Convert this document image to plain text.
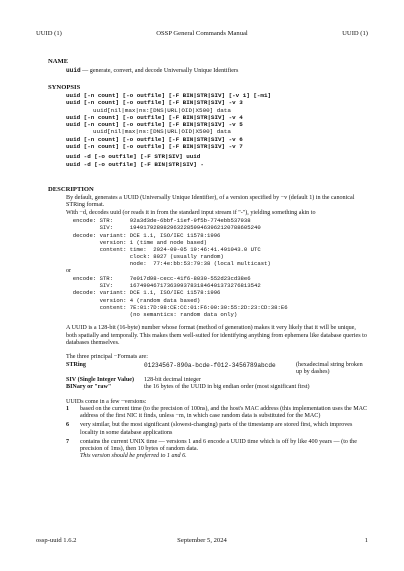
UUID (1)	OSSP General Commands Manual	UUID (1)
NAME
uuid — generate, convert, and decode Universally Unique Identifiers
SYNOPSIS
uuid [-n count] [-o outfile] [-F BIN|STR|SIV] [-v 1] [-m1]
uuid [-n count] [-o outfile] [-F BIN|STR|SIV] -v 3
uuid[nil|max|ns:[DNS|URL|OID|X500] data
uuid [-n count] [-o outfile] [-F BIN|STR|SIV] -v 4
uuid [-n count] [-o outfile] [-F BIN|STR|SIV] -v 5
uuid[nil|max|ns:[DNS|URL|OID|X500] data
uuid [-n count] [-o outfile] [-F BIN|STR|SIV] -v 6
uuid [-n count] [-o outfile] [-F BIN|STR|SIV] -v 7
uuid -d [-o outfile] [-F STR|SIV] uuid
uuid -d [-o outfile] [-F BIN|STR|SIV] -
DESCRIPTION

By default, generates a UUID (Universally Unique Identifier), of a version specified by −v (default 1) in the canonical STRing format.

With −d, decodes uuid (or reads it in from the standard input stream if "-"), yielding something akin to

encode: STR:     92a3d3de-6bbf-11ef-9f5b-774ebb537938
SIV:     194917928982963228599463962120788605240
decode: variant: DCE 1.1, ISO/IEC 11578:1996
version: 1 (time and node based)
content: time:  2024-09-05 19:46:41.491043.0 UTC
clock: 8027 (usually random)
node:  77:4e:bb:53:79:38 (local multicast)

or

encode: STR:     7e017d98-cecc-41f6-8030-552d23cd38e6
SIV:     167490467173639937831846401373276813542
decode: variant: DCE 1.1, ISO/IEC 11578:1996
version: 4 (random data based)
content: 7E:01:7D:98:CE:CC:01:F6:00:30:55:2D:23:CD:38:E6
(no semantics: random data only)

A UUID is a 128-bit (16-byte) number whose format (method of generation) makes it very likely that it will be unique, both spatially and temporally. This makes them well-suited for identifying anything from ephemera like database queries to databases themselves.

The three principal −Formats are:

STRing	01234567-890a-bcde-f012-3456789abcde	(hexadecimal string broken up by dashes)
SIV (Single Integer Value)	128-bit decimal integer
BINary or "raw"	the 16 bytes of the UUID in big endian order (most significant first)

UUIDs come in a few −versions:

1 based on the current time (to the precision of 100ns), and the host's MAC address (this implementation uses the MAC address of the first NIC it finds, unless −m, in which case random data is substituted for the MAC)
6 very similar, but the most significant (slowest-changing) parts of the timestamp are stored first, which improves locality in some database applications
7 contains the current UNIX time — versions 1 and 6 encode a UUID time which is off by like 400 years — (to the precision of 1ms), then 10 bytes of random data.
This version should be preferred to 1 and 6.
ossp-uuid 1.6.2	September 5, 2024	1
